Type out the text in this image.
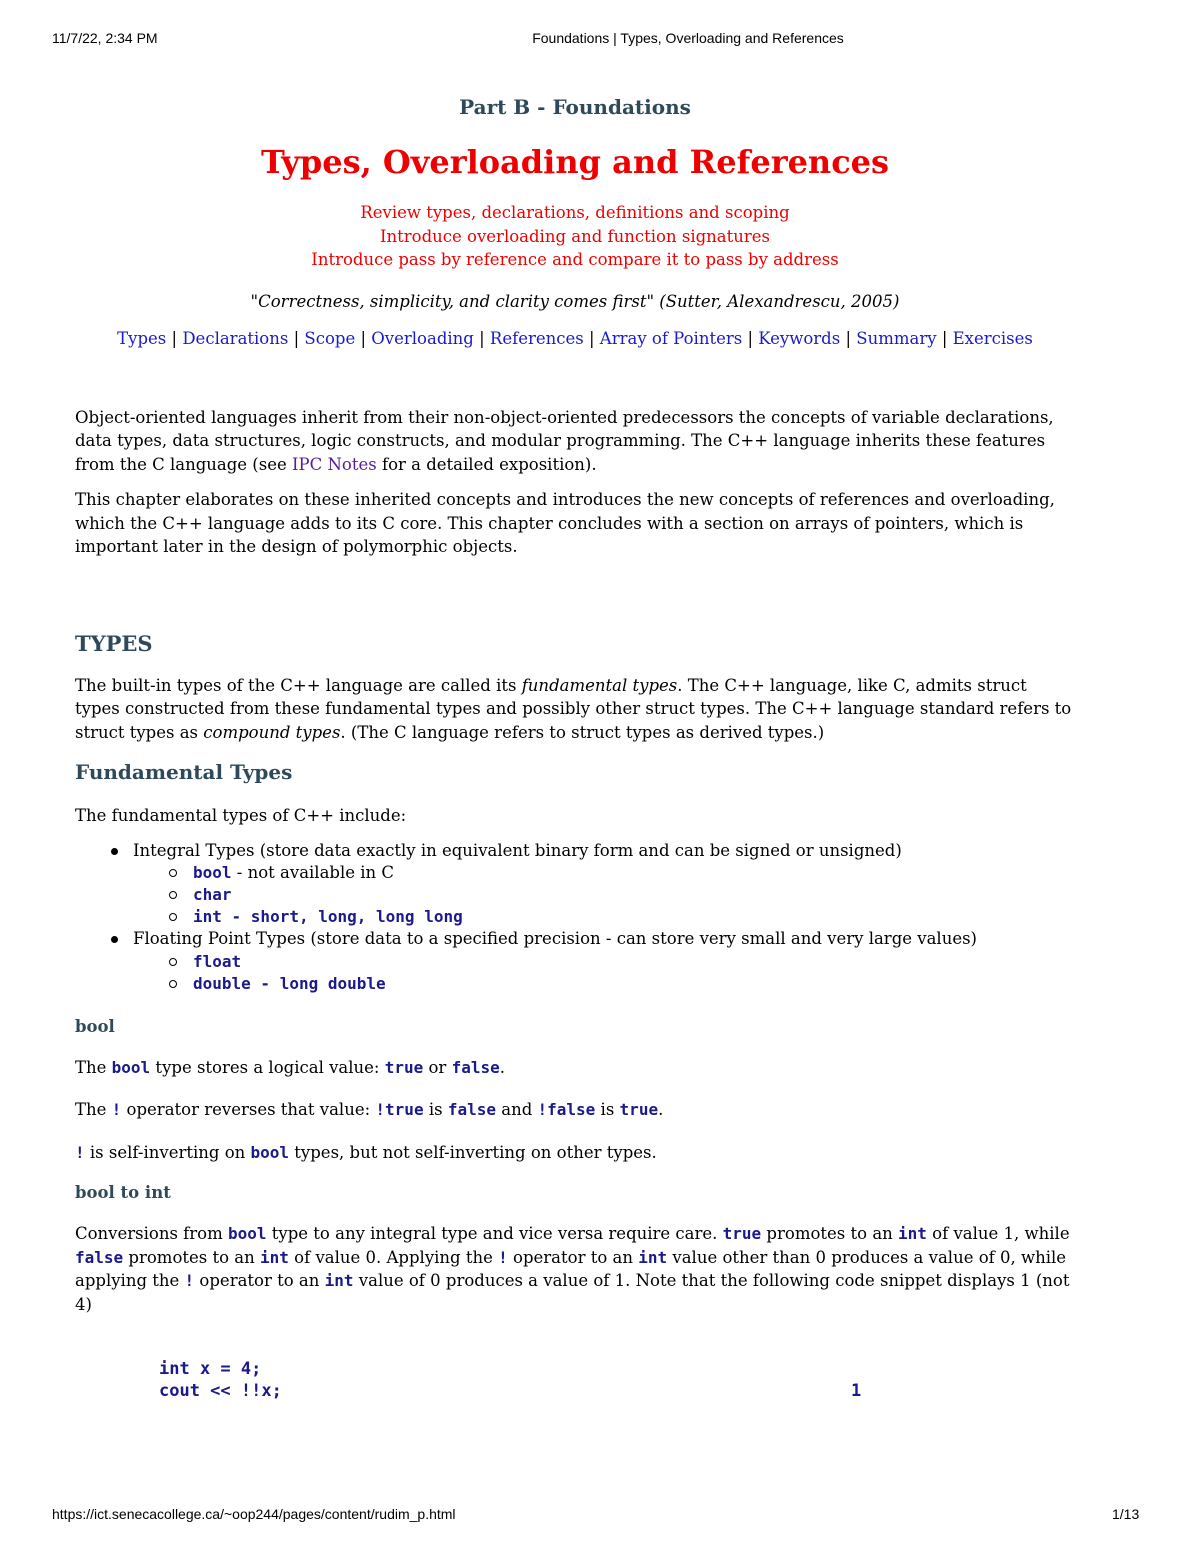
11/7/22, 2:34 PM	Foundations | Types, Overloading and References
Part B - Foundations
Types, Overloading and References
Review types, declarations, definitions and scoping
Introduce overloading and function signatures
Introduce pass by reference and compare it to pass by address
"Correctness, simplicity, and clarity comes first" (Sutter, Alexandrescu, 2005)
Types | Declarations | Scope | Overloading | References | Array of Pointers | Keywords | Summary | Exercises

Object-oriented languages inherit from their non-object-oriented predecessors the concepts of variable declarations, data types, data structures, logic constructs, and modular programming. The C++ language inherits these features from the C language (see IPC Notes for a detailed exposition).

This chapter elaborates on these inherited concepts and introduces the new concepts of references and overloading, which the C++ language adds to its C core. This chapter concludes with a section on arrays of pointers, which is important later in the design of polymorphic objects.

TYPES

The built-in types of the C++ language are called its fundamental types. The C++ language, like C, admits struct types constructed from these fundamental types and possibly other struct types. The C++ language standard refers to struct types as compound types. (The C language refers to struct types as derived types.)

Fundamental Types

The fundamental types of C++ include:

Integral Types (store data exactly in equivalent binary form and can be signed or unsigned)
bool - not available in C
char
int - short, long, long long
Floating Point Types (store data to a specified precision - can store very small and very large values)
float
double - long double
bool

The bool type stores a logical value: true or false.

The ! operator reverses that value: !true is false and !false is true.

! is self-inverting on bool types, but not self-inverting on other types.

bool to int

Conversions from bool type to any integral type and vice versa require care. true promotes to an int of value 1, while false promotes to an int of value 0. Applying the ! operator to an int value other than 0 produces a value of 0, while applying the ! operator to an int value of 0 produces a value of 1. Note that the following code snippet displays 1 (not 4)

int x = 4;
cout << !!x;	1
https://ict.senecacollege.ca/~oop244/pages/content/rudim_p.html	1/13
